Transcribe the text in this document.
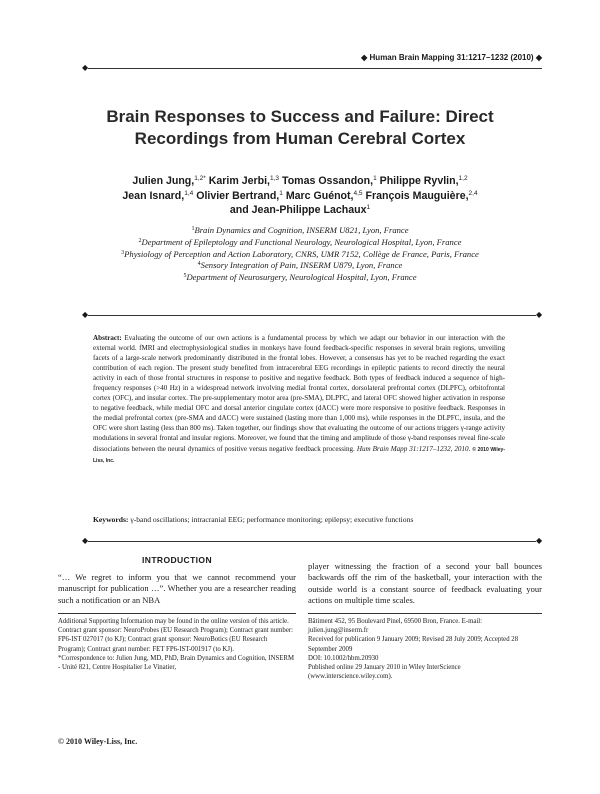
◆ Human Brain Mapping 31:1217–1232 (2010) ◆
◆
Brain Responses to Success and Failure: Direct
Recordings from Human Cerebral Cortex
Julien Jung,$^{1,2*}$ Karim Jerbi,$^{1,3}$ Tomas Ossandon,$^1$ Philippe Ryvlin,$^{1,2}$
Jean Isnard,$^{1,4}$ Olivier Bertrand,$^1$ Marc Guénot,$^{4,5}$ François Mauguière,$^{2,4}$
and Jean-Philippe Lachaux$^1$
$^1$Brain Dynamics and Cognition, INSERM U821, Lyon, France
$^2$Department of Epileptology and Functional Neurology, Neurological Hospital, Lyon, France
$^3$Physiology of Perception and Action Laboratory, CNRS, UMR 7152, Collège de France, Paris, France
$^4$Sensory Integration of Pain, INSERM U879, Lyon, France
$^5$Department of Neurosurgery, Neurological Hospital, Lyon, France
◆	◆
Abstract: Evaluating the outcome of our own actions is a fundamental process by which we adapt our behavior in our interaction with the external world. fMRI and electrophysiological studies in monkeys have found feedback-specific responses in several brain regions, unveiling facets of a large-scale network predominantly distributed in the frontal lobes. However, a consensus has yet to be reached regarding the exact contribution of each region. The present study benefited from intracerebral EEG recordings in epileptic patients to record directly the neural activity in each of those frontal structures in response to positive and negative feedback. Both types of feedback induced a sequence of high-frequency responses (>40 Hz) in a widespread network involving medial frontal cortex, dorsolateral prefrontal cortex (DLPFC), orbitofrontal cortex (OFC), and insular cortex. The pre-supplementary motor area (pre-SMA), DLPFC, and lateral OFC showed higher activation in response to negative feedback, while medial OFC and dorsal anterior cingulate cortex (dACC) were more responsive to positive feedback. Responses in the medial prefrontal cortex (pre-SMA and dACC) were sustained (lasting more than 1,000 ms), while responses in the DLPFC, insula, and the OFC were short lasting (less than 800 ms). Taken together, our findings show that evaluating the outcome of our actions triggers γ-range activity modulations in several frontal and insular regions. Moreover, we found that the timing and amplitude of those γ-band responses reveal fine-scale dissociations between the neural dynamics of positive versus negative feedback processing. Hum Brain Mapp 31:1217–1232, 2010. © 2010 Wiley-Liss, Inc.
Keywords: γ-band oscillations; intracranial EEG; performance monitoring; epilepsy; executive functions
◆	◆
INTRODUCTION
“… We regret to inform you that we cannot recommend your manuscript for publication …”. Whether you are a researcher reading such a notification or an NBA
player witnessing the fraction of a second your ball bounces backwards off the rim of the basketball, your interaction with the outside world is a constant source of feedback evaluating your actions on multiple time scales.

Additional Supporting Information may be found in the online version of this article.

Contract grant sponsor: NeuroProbes (EU Research Program); Contract grant number: FP6-IST 027017 (to KJ); Contract grant sponsor: NeuroBotics (EU Research Program); Contract grant number: FET FP6-IST-001917 (to KJ).

*Correspondence to: Julien Jung, MD, PhD, Brain Dynamics and Cognition, INSERM - Unité 821, Centre Hospitalier Le Vinatier,

Bâtiment 452, 95 Boulevard Pinel, 69500 Bron, France. E-mail: julien.jung@inserm.fr

Received for publication 9 January 2009; Revised 28 July 2009; Accepted 28 September 2009

DOI: 10.1002/hbm.20930

Published online 29 January 2010 in Wiley InterScience (www.interscience.wiley.com).

© 2010 Wiley-Liss, Inc.
